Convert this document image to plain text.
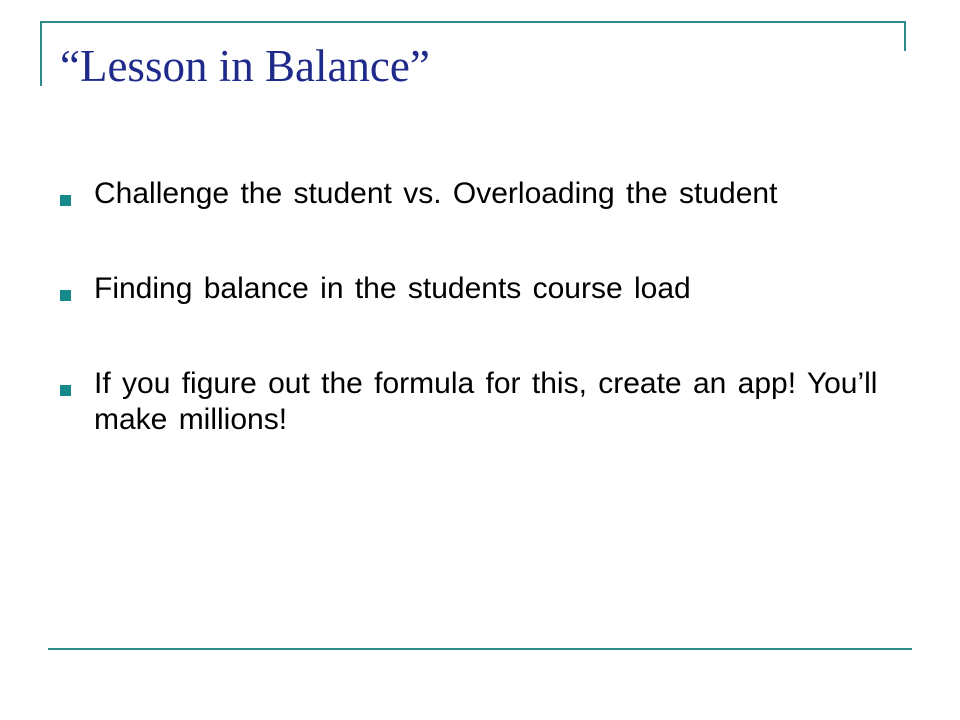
“Lesson in Balance”
Challenge the student vs. Overloading the student
Finding balance in the students course load
If you figure out the formula for this, create an app! You’ll make millions!
